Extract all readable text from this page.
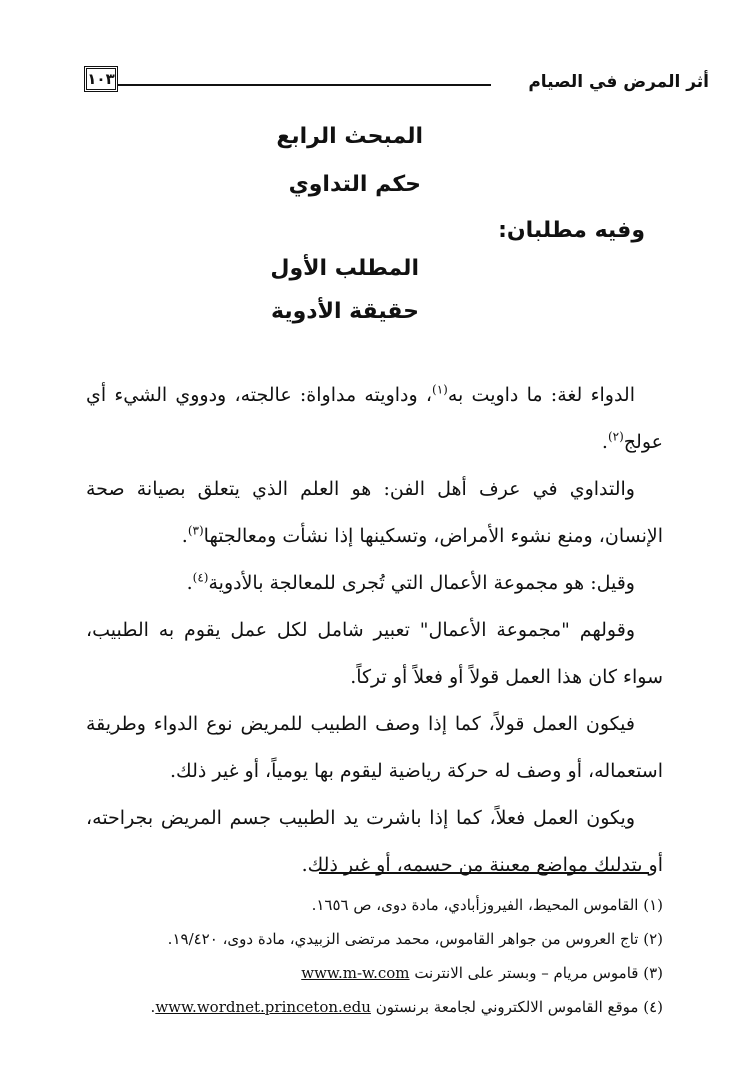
أثر المرض في الصيام
١٠٣
المبحث الرابع
حكم التداوي
وفيه مطلبان:
المطلب الأول
حقيقة الأدوية

الدواء لغة: ما داويت به$^{(١)}$، وداويته مداواة: عالجته، ودووي الشيء أي عولج$^{(٢)}$.

والتداوي في عرف أهل الفن: هو العلم الذي يتعلق بصيانة صحة الإنسان، ومنع نشوء الأمراض، وتسكينها إذا نشأت ومعالجتها$^{(٣)}$.

وقيل: هو مجموعة الأعمال التي تُجرى للمعالجة بالأدوية$^{(٤)}$.

وقولهم "مجموعة الأعمال" تعبير شامل لكل عمل يقوم به الطبيب، سواء كان هذا العمل قولاً أو فعلاً أو تركاً.

فيكون العمل قولاً، كما إذا وصف الطبيب للمريض نوع الدواء وطريقة استعماله، أو وصف له حركة رياضية ليقوم بها يومياً، أو غير ذلك.

ويكون العمل فعلاً، كما إذا باشرت يد الطبيب جسم المريض بجراحته، أو بتدليك مواضع معينة من جسمه، أو غير ذلك.

(١) القاموس المحيط، الفيروزأبادي، مادة دوى، ص ١٦٥٦.
(٢) تاج العروس من جواهر القاموس، محمد مرتضى الزبيدي، مادة دوى، ١٩/٤٢٠.
(٣) قاموس مريام – وبستر على الانترنت www.m-w.com
(٤) موقع القاموس الالكتروني لجامعة برنستون www.wordnet.princeton.edu.
